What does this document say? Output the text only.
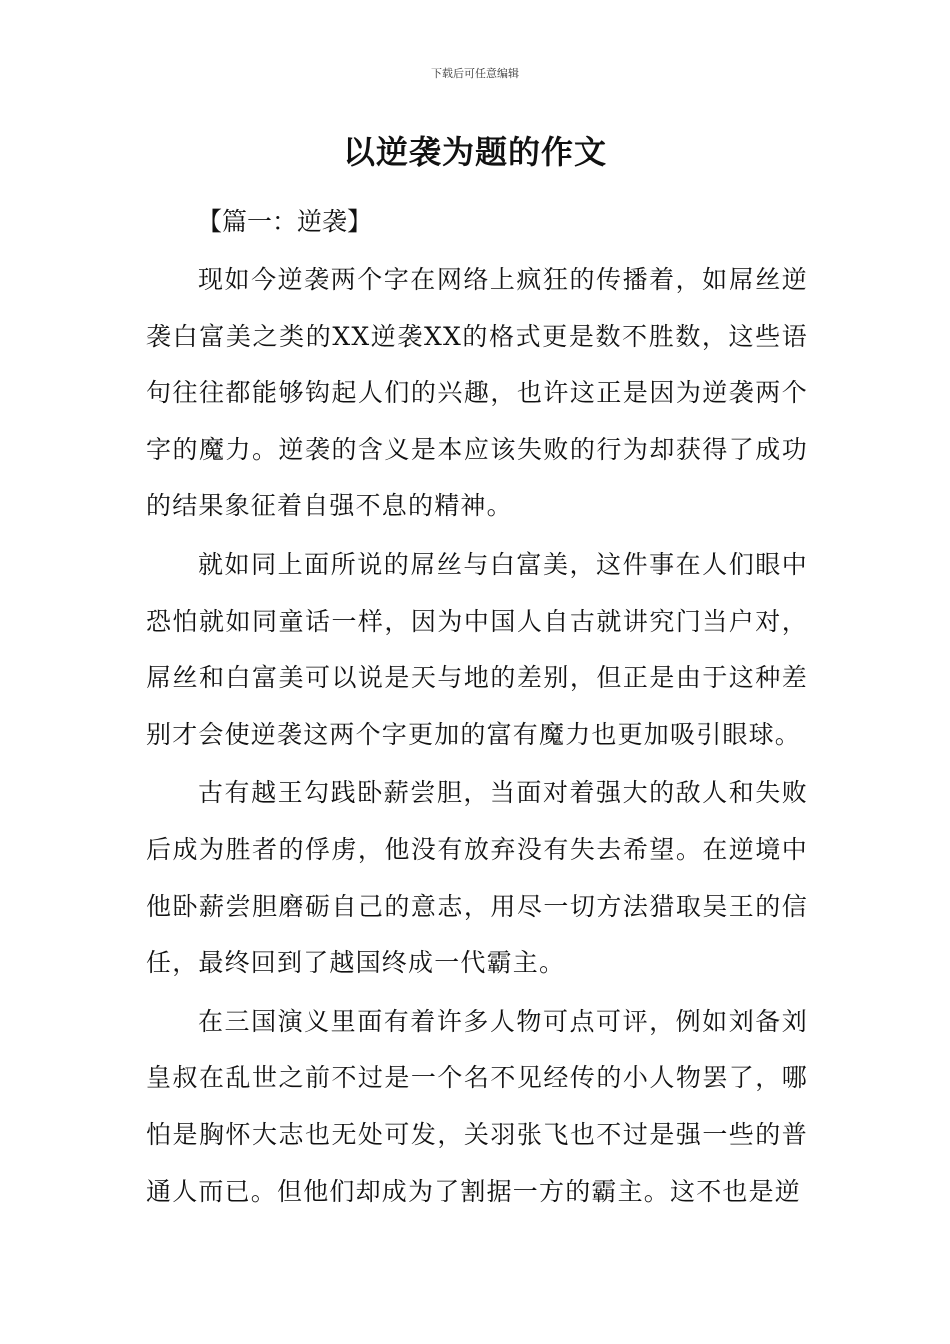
下载后可任意编辑
以逆袭为题的作文
【篇一：逆袭】

现如今逆袭两个字在网络上疯狂的传播着，如屌丝逆袭白富美之类的XX逆袭XX的格式更是数不胜数，这些语句往往都能够钩起人们的兴趣，也许这正是因为逆袭两个字的魔力。逆袭的含义是本应该失败的行为却获得了成功的结果象征着自强不息的精神。

就如同上面所说的屌丝与白富美，这件事在人们眼中恐怕就如同童话一样，因为中国人自古就讲究门当户对，屌丝和白富美可以说是天与地的差别，但正是由于这种差别才会使逆袭这两个字更加的富有魔力也更加吸引眼球。

古有越王勾践卧薪尝胆，当面对着强大的敌人和失败后成为胜者的俘虏，他没有放弃没有失去希望。在逆境中他卧薪尝胆磨砺自己的意志，用尽一切方法猎取吴王的信任，最终回到了越国终成一代霸主。

在三国演义里面有着许多人物可点可评，例如刘备刘皇叔在乱世之前不过是一个名不见经传的小人物罢了，哪怕是胸怀大志也无处可发，关羽张飞也不过是强一些的普通人而已。但他们却成为了割据一方的霸主。这不也是逆
